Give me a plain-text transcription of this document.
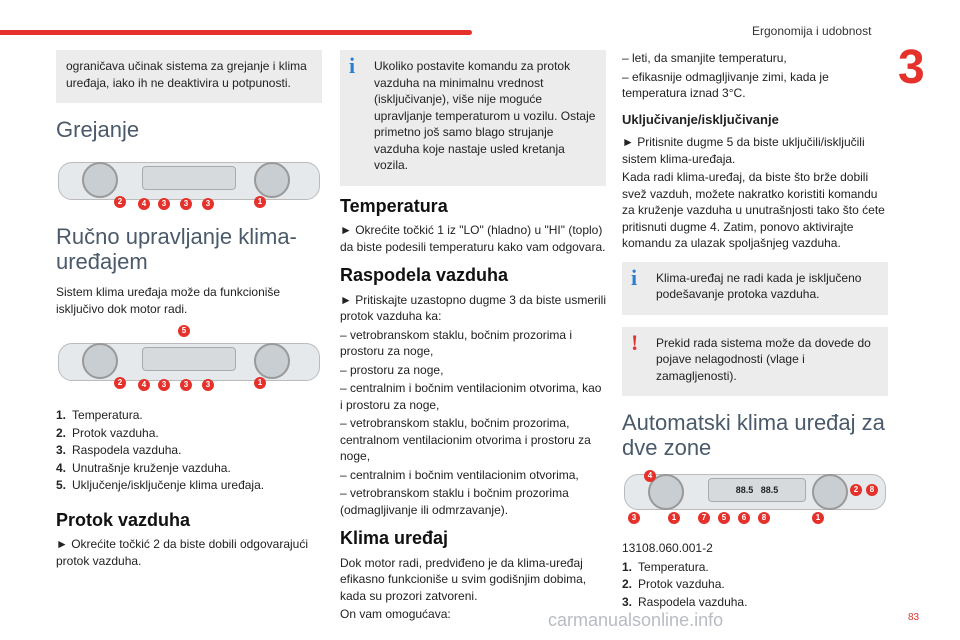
Ergonomija i udobnost
3

ograničava učinak sistema za grejanje i klima uređaja, iako ih ne deaktivira u potpunosti.

Grejanje
2	4	3	3	3	1
Ručno upravljanje klima-uređajem

Sistem klima uređaja može da funkcioniše isključivo dok motor radi.

5
2	4	3	3	3	1
1. Temperatura.
2. Protok vazduha.
3. Raspodela vazduha.
4. Unutrašnje kruženje vazduha.
5. Uključenje/isključenje klima uređaja.
Protok vazduha

► Okrećite točkić 2 da biste dobili odgovarajući protok vazduha.

i Ukoliko postavite komandu za protok vazduha na minimalnu vrednost (isključivanje), više nije moguće upravljanje temperaturom u vozilu. Ostaje primetno još samo blago strujanje vazduha koje nastaje usled kretanja vozila.

Temperatura

► Okrećite točkić 1 iz "LO" (hladno) u "HI" (toplo) da biste podesili temperaturu kako vam odgovara.

Raspodela vazduha

► Pritiskajte uzastopno dugme 3 da biste usmerili protok vazduha ka:

– vetrobranskom staklu, bočnim prozorima i prostoru za noge,

– prostoru za noge,

– centralnim i bočnim ventilacionim otvorima, kao i prostoru za noge,

– vetrobranskom staklu, bočnim prozorima, centralnom ventilacionim otvorima i prostoru za noge,

– centralnim i bočnim ventilacionim otvorima,

– vetrobranskom staklu i bočnim prozorima (odmagljivanje ili odmrzavanje).

Klima uređaj

Dok motor radi, predviđeno je da klima-uređaj efikasno funkcioniše u svim godišnjim dobima, kada su prozori zatvoreni.

On vam omogućava:

– leti, da smanjite temperaturu,

– efikasnije odmagljivanje zimi, kada je temperatura iznad 3°C.

Uključivanje/isključivanje

► Pritisnite dugme 5 da biste uključili/isključili sistem klima-uređaja.

Kada radi klima-uređaj, da biste što brže dobili svež vazduh, možete nakratko koristiti komandu za kruženje vazduha u unutrašnjosti tako što ćete pritisnuti dugme 4. Zatim, ponovo aktivirajte komandu za ulazak spoljašnjeg vazduha.

i Klima-uređaj ne radi kada je isključeno podešavanje protoka vazduha.

! Prekid rada sistema može da dovede do pojave nelagodnosti (vlage i zamagljenosti).

Automatski klima uređaj za dve zone
88.5 88.5
4
2	8
3	1	7	5	6	8	1

13108.060.001-2

1. Temperatura.
2. Protok vazduha.
3. Raspodela vazduha.
carmanualsonline.info	83
